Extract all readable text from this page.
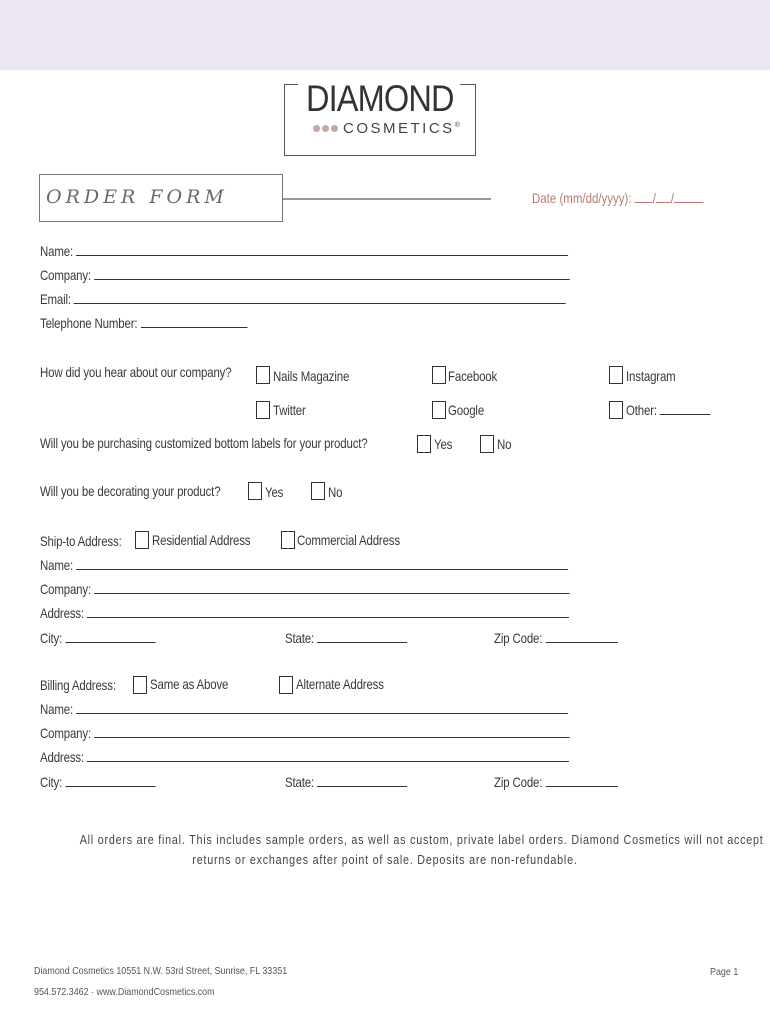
DIAMOND
COSMETICS®
ORDER FORM	Date (mm/dd/yyyy): / /
Name:
Company:
Email:
Telephone Number:
How did you hear about our company?	Nails Magazine	Facebook	Instagram
Twitter	Google	Other:
Will you be purchasing customized bottom labels for your product?	Yes	No
Will you be decorating your product?	Yes	No
Ship-to Address: Residential Address	Commercial Address
Name:
Company:
Address:
City:	State:	Zip Code:
Billing Address: Same as Above	Alternate Address
Name:
Company:
Address:
City:	State:	Zip Code:
All orders are final. This includes sample orders, as well as custom, private label orders. Diamond Cosmetics will not accept
returns or exchanges after point of sale. Deposits are non-refundable.
Diamond Cosmetics 10551 N.W. 53rd Street, Sunrise, FL 33351
954.572.3462 · www.DiamondCosmetics.com
Page 1
